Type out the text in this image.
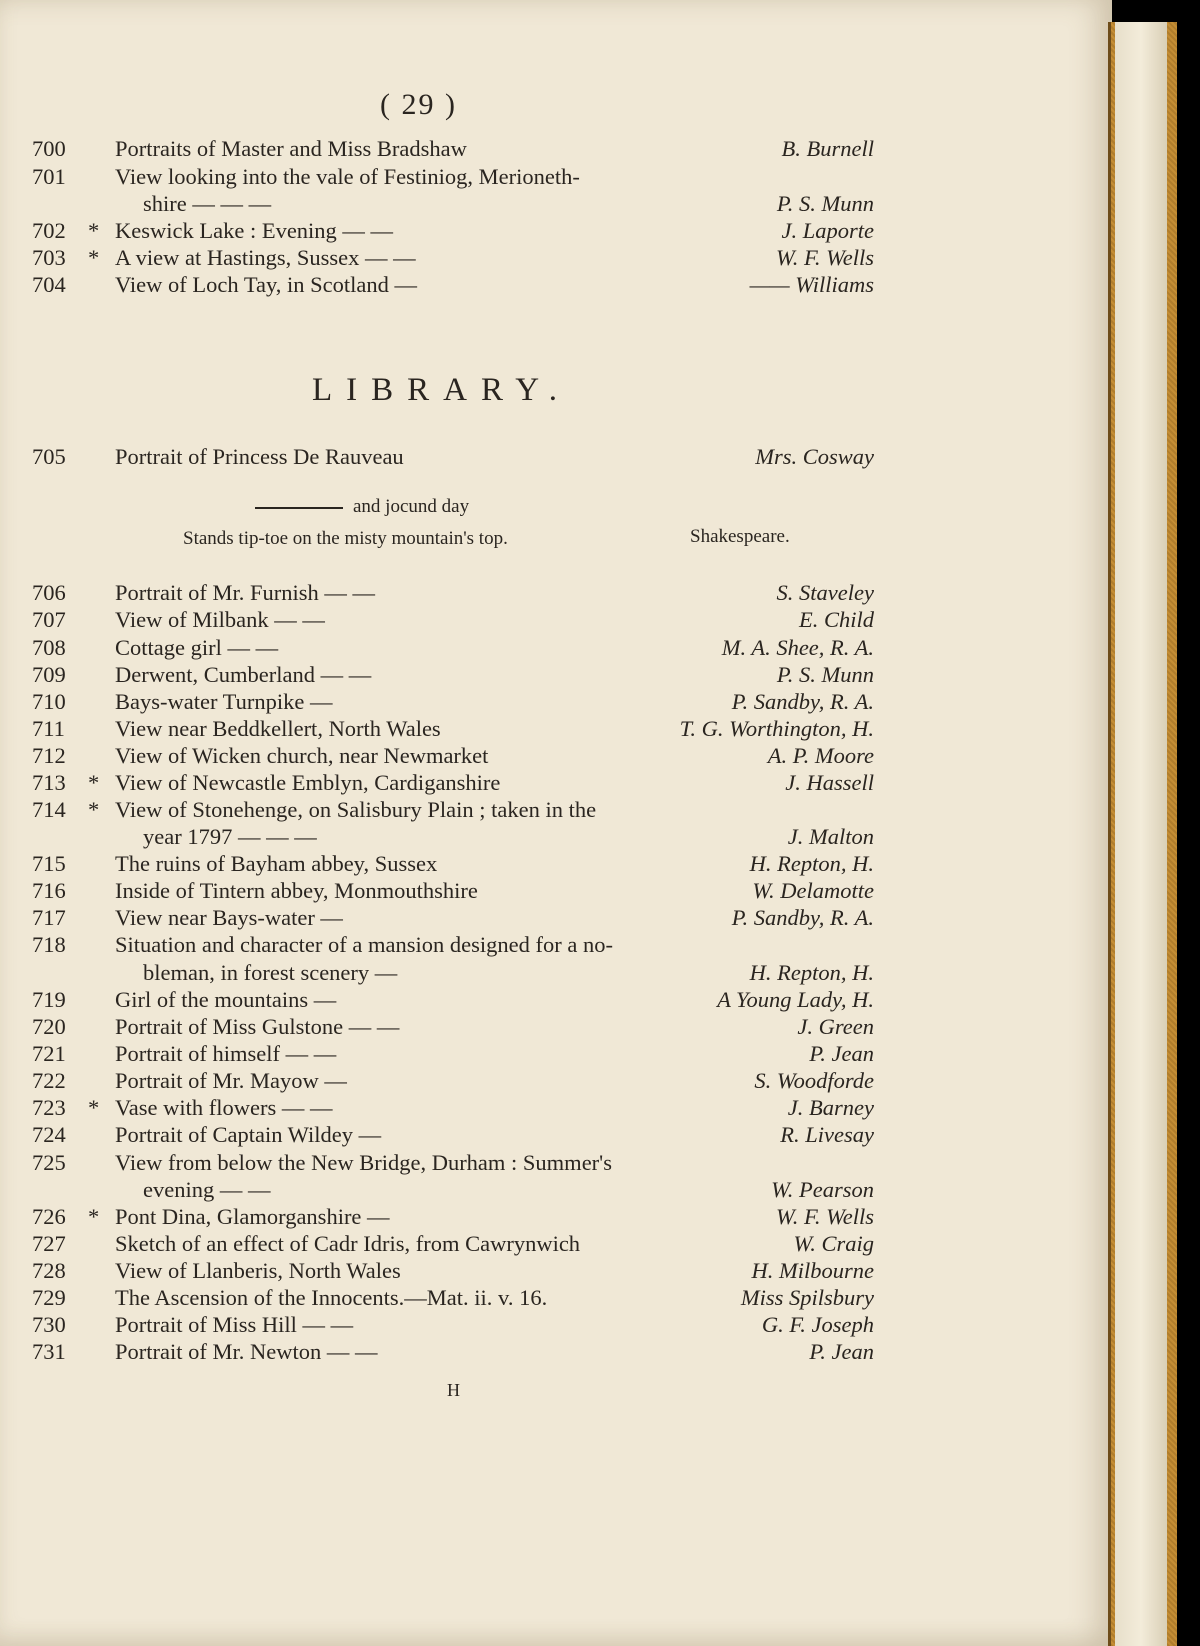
( 29 )
LIBRARY.
and jocund day
Stands tip-toe on the misty mountain's top.	Shakespeare.
700 Portraits of Master and Miss Bradshaw	B. Burnell
701 View looking into the vale of Festiniog, Merioneth-
shire — — —	P. S. Munn
702 * Keswick Lake : Evening — —	J. Laporte
703 * A view at Hastings, Sussex — —	W. F. Wells
704 View of Loch Tay, in Scotland —	—— Williams
705 Portrait of Princess De Rauveau	Mrs. Cosway
706 Portrait of Mr. Furnish — —	S. Staveley
707 View of Milbank — —	E. Child
708 Cottage girl — —	M. A. Shee, R. A.
709 Derwent, Cumberland — —	P. S. Munn
710 Bays-water Turnpike —	P. Sandby, R. A.
711 View near Beddkellert, North Wales	T. G. Worthington, H.
712 View of Wicken church, near Newmarket	A. P. Moore
713 * View of Newcastle Emblyn, Cardiganshire	J. Hassell
714 * View of Stonehenge, on Salisbury Plain ; taken in the
year 1797 — — —	J. Malton
715 The ruins of Bayham abbey, Sussex	H. Repton, H.
716 Inside of Tintern abbey, Monmouthshire	W. Delamotte
717 View near Bays-water —	P. Sandby, R. A.
718 Situation and character of a mansion designed for a no-
bleman, in forest scenery —	H. Repton, H.
719 Girl of the mountains —	A Young Lady, H.
720 Portrait of Miss Gulstone — —	J. Green
721 Portrait of himself — —	P. Jean
722 Portrait of Mr. Mayow —	S. Woodforde
723 * Vase with flowers — —	J. Barney
724 Portrait of Captain Wildey —	R. Livesay
725 View from below the New Bridge, Durham : Summer's
evening — —	W. Pearson
726 * Pont Dina, Glamorganshire —	W. F. Wells
727 Sketch of an effect of Cadr Idris, from Cawrynwich	W. Craig
728 View of Llanberis, North Wales	H. Milbourne
729 The Ascension of the Innocents.—Mat. ii. v. 16.	Miss Spilsbury
730 Portrait of Miss Hill — —	G. F. Joseph
731 Portrait of Mr. Newton — —	P. Jean
H
